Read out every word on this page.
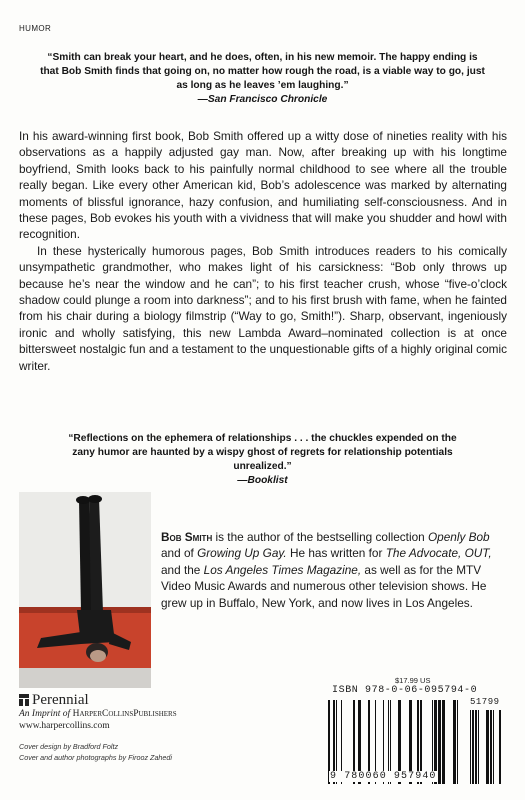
HUMOR

“Smith can break your heart, and he does, often, in his new memoir. The happy ending is that Bob Smith finds that going on, no matter how rough the road, is a viable way to go, just as long as he leaves ’em laughing.”
—San Francisco Chronicle

In his award-winning first book, Bob Smith offered up a witty dose of nineties reality with his observations as a happily adjusted gay man. Now, after breaking up with his longtime boyfriend, Smith looks back to his painfully normal childhood to see where all the trouble really began. Like every other American kid, Bob’s adolescence was marked by alternating moments of blissful ignorance, hazy confusion, and humiliating self-consciousness. And in these pages, Bob evokes his youth with a vividness that will make you shudder and howl with recognition.

In these hysterically humorous pages, Bob Smith introduces readers to his comically unsympathetic grandmother, who makes light of his carsickness: “Bob only throws up because he’s near the window and he can”; to his first teacher crush, whose “five-o’clock shadow could plunge a room into darkness”; and to his first brush with fame, when he fainted from his chair during a biology filmstrip (“Way to go, Smith!”). Sharp, observant, ingeniously ironic and wholly satisfying, this new Lambda Award–nominated collection is at once bittersweet nostalgic fun and a testament to the unquestionable gifts of a highly original comic writer.

“Reflections on the ephemera of relationships . . . the chuckles expended on the zany humor are haunted by a wispy ghost of regrets for relationship potentials unrealized.”
—Booklist

Bob Smith is the author of the bestselling collection Openly Bob and of Growing Up Gay. He has written for The Advocate, OUT, and the Los Angeles Times Magazine, as well as for the MTV Video Music Awards and numerous other television shows. He grew up in Buffalo, New York, and now lives in Los Angeles.
Perennial
An Imprint of HarperCollinsPublishers
www.harpercollins.com
Cover design by Bradford Foltz
Cover and author photographs by Firooz Zahedi
$17.99 US
ISBN 978-0-06-095794-0
51799
9 780060 957940
